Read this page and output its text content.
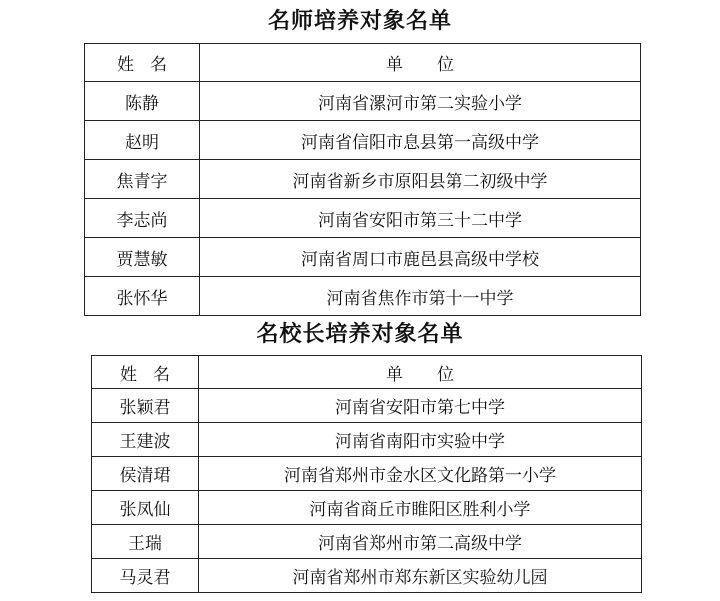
名师培养对象名单
姓 名	单 位
陈静	河南省漯河市第二实验小学
赵明	河南省信阳市息县第一高级中学
焦青字	河南省新乡市原阳县第二初级中学
李志尚	河南省安阳市第三十二中学
贾慧敏	河南省周口市鹿邑县高级中学校
张怀华	河南省焦作市第十一中学
名校长培养对象名单
姓 名	单 位
张颖君	河南省安阳市第七中学
王建波	河南省南阳市实验中学
侯清珺	河南省郑州市金水区文化路第一小学
张凤仙	河南省商丘市睢阳区胜利小学
王瑞	河南省郑州市第二高级中学
马灵君	河南省郑州市郑东新区实验幼儿园
